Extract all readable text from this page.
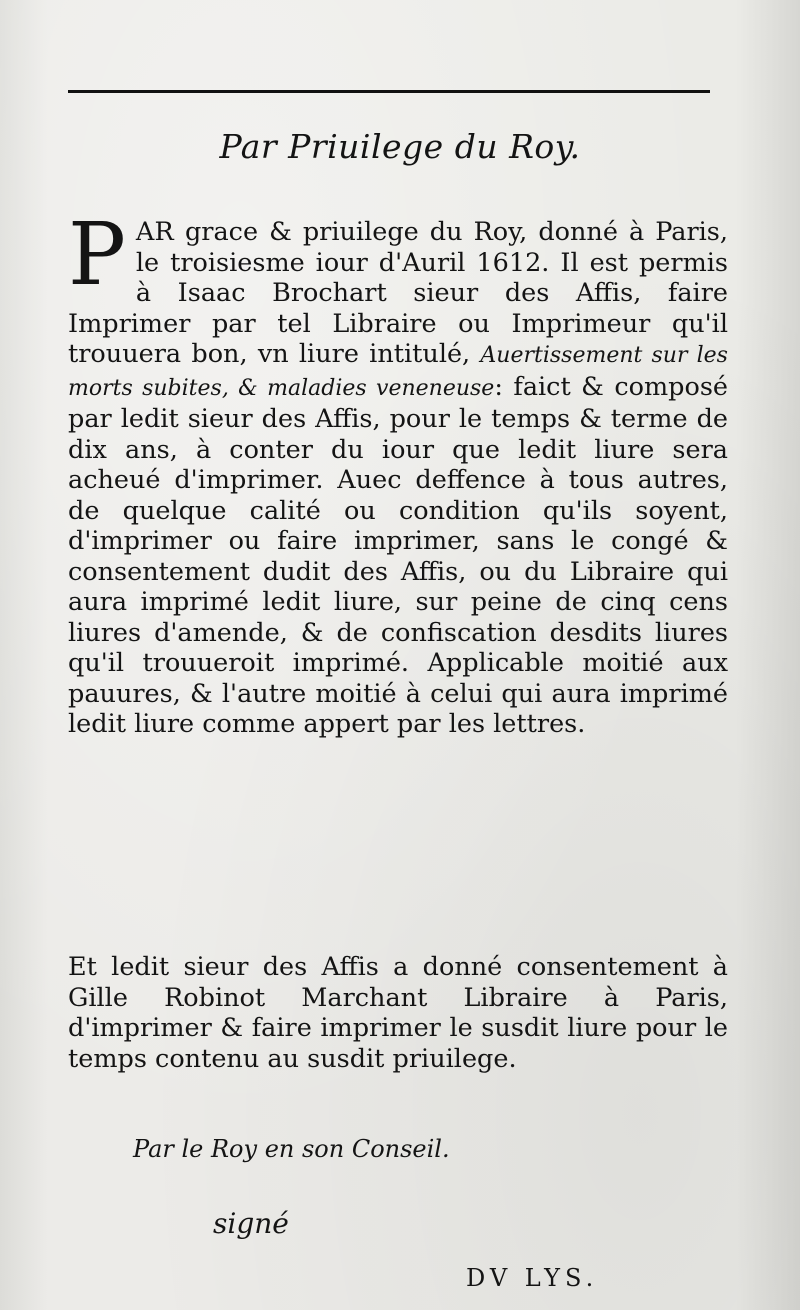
Par Priuilege du Roy.

PAR grace & priuilege du Roy, donné à Paris, le troisiesme iour d'Auril 1612. Il est permis à Isaac Brochart sieur des Affis, faire Imprimer par tel Libraire ou Imprimeur qu'il trouuera bon, vn liure intitulé, Auertissement sur les morts subites, & maladies veneneuse: faict & composé par ledit sieur des Affis, pour le temps & terme de dix ans, à conter du iour que ledit liure sera acheué d'imprimer. Auec deffence à tous autres, de quelque calité ou condition qu'ils soyent, d'imprimer ou faire imprimer, sans le congé & consentement dudit des Affis, ou du Libraire qui aura imprimé ledit liure, sur peine de cinq cens liures d'amende, & de confiscation desdits liures qu'il trouueroit imprimé. Applicable moitié aux pauures, & l'autre moitié à celui qui aura imprimé ledit liure comme appert par les lettres.

Et ledit sieur des Affis a donné consentement à Gille Robinot Marchant Libraire à Paris, d'imprimer & faire imprimer le susdit liure pour le temps contenu au susdit priuilege.

Par le Roy en son Conseil.
signé
DV LYS.
